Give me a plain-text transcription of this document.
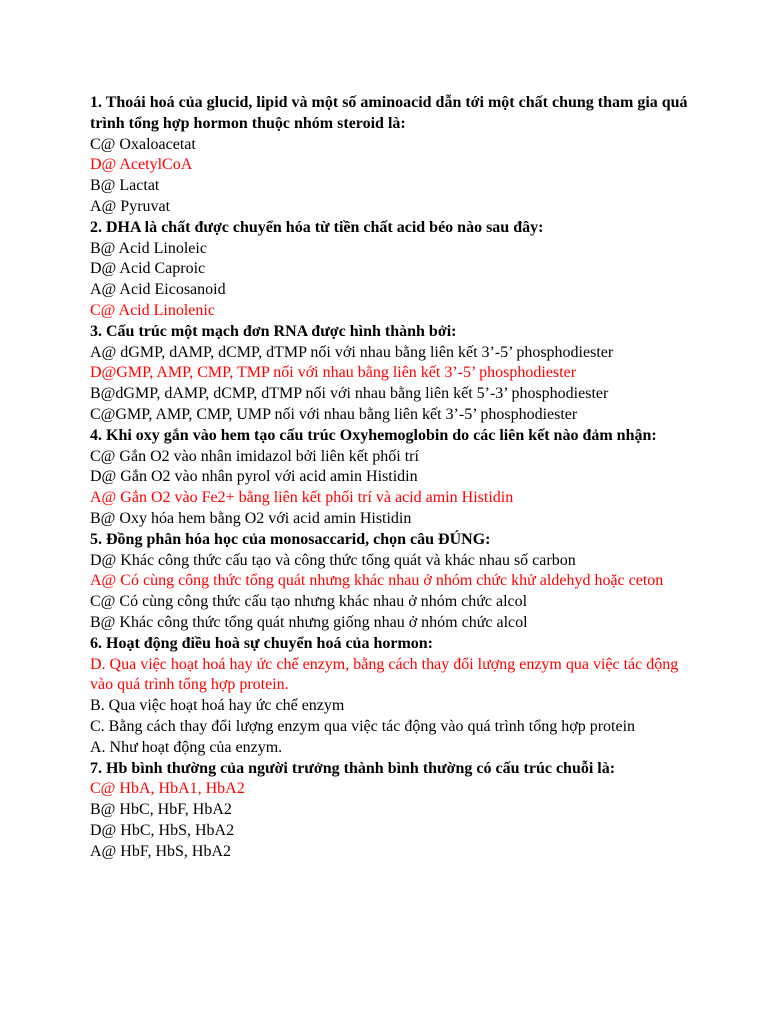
1. Thoái hoá của glucid, lipid và một số aminoacid dẫn tới một chất chung tham gia quá trình tổng hợp hormon thuộc nhóm steroid là:
C@ Oxaloacetat
D@ AcetylCoA
B@ Lactat
A@ Pyruvat
2. DHA là chất được chuyển hóa từ tiền chất acid béo nào sau đây:
B@ Acid Linoleic
D@ Acid Caproic
A@ Acid Eicosanoid
C@ Acid Linolenic
3. Cấu trúc một mạch đơn RNA được hình thành bởi:
A@ dGMP, dAMP, dCMP, dTMP nối với nhau bằng liên kết 3’-5’ phosphodiester
D@GMP, AMP, CMP, TMP nối với nhau bằng liên kết 3’-5’ phosphodiester
B@dGMP, dAMP, dCMP, dTMP nối với nhau bằng liên kết 5’-3’ phosphodiester
C@GMP, AMP, CMP, UMP nối với nhau bằng liên kết 3’-5’ phosphodiester
4. Khi oxy gắn vào hem tạo cấu trúc Oxyhemoglobin do các liên kết nào đảm nhận:
C@ Gắn O2 vào nhân imidazol bởi liên kết phối trí
D@ Gắn O2 vào nhân pyrol với acid amin Histidin
A@ Gắn O2 vào Fe2+ bằng liên kết phối trí và acid amin Histidin
B@ Oxy hóa hem bằng O2 với acid amin Histidin
5. Đồng phân hóa học của monosaccarid, chọn câu ĐÚNG:
D@ Khác công thức cấu tạo và công thức tổng quát và khác nhau số carbon
A@ Có cùng công thức tổng quát nhưng khác nhau ở nhóm chức khử aldehyd hoặc ceton
C@ Có cùng công thức cấu tạo nhưng khác nhau ở nhóm chức alcol
B@ Khác công thức tổng quát nhưng giống nhau ở nhóm chức alcol
6. Hoạt động điều hoà sự chuyển hoá của hormon:
D. Qua việc hoạt hoá hay ức chế enzym, bằng cách thay đổi lượng enzym qua việc tác động vào quá trình tổng hợp protein.
B. Qua việc hoạt hoá hay ức chế enzym
C. Bằng cách thay đổi lượng enzym qua việc tác động vào quá trình tổng hợp protein
A. Như hoạt động của enzym.
7. Hb bình thường của người trưởng thành bình thường có cấu trúc chuỗi là:
C@ HbA, HbA1, HbA2
B@ HbC, HbF, HbA2
D@ HbC, HbS, HbA2
A@ HbF, HbS, HbA2
